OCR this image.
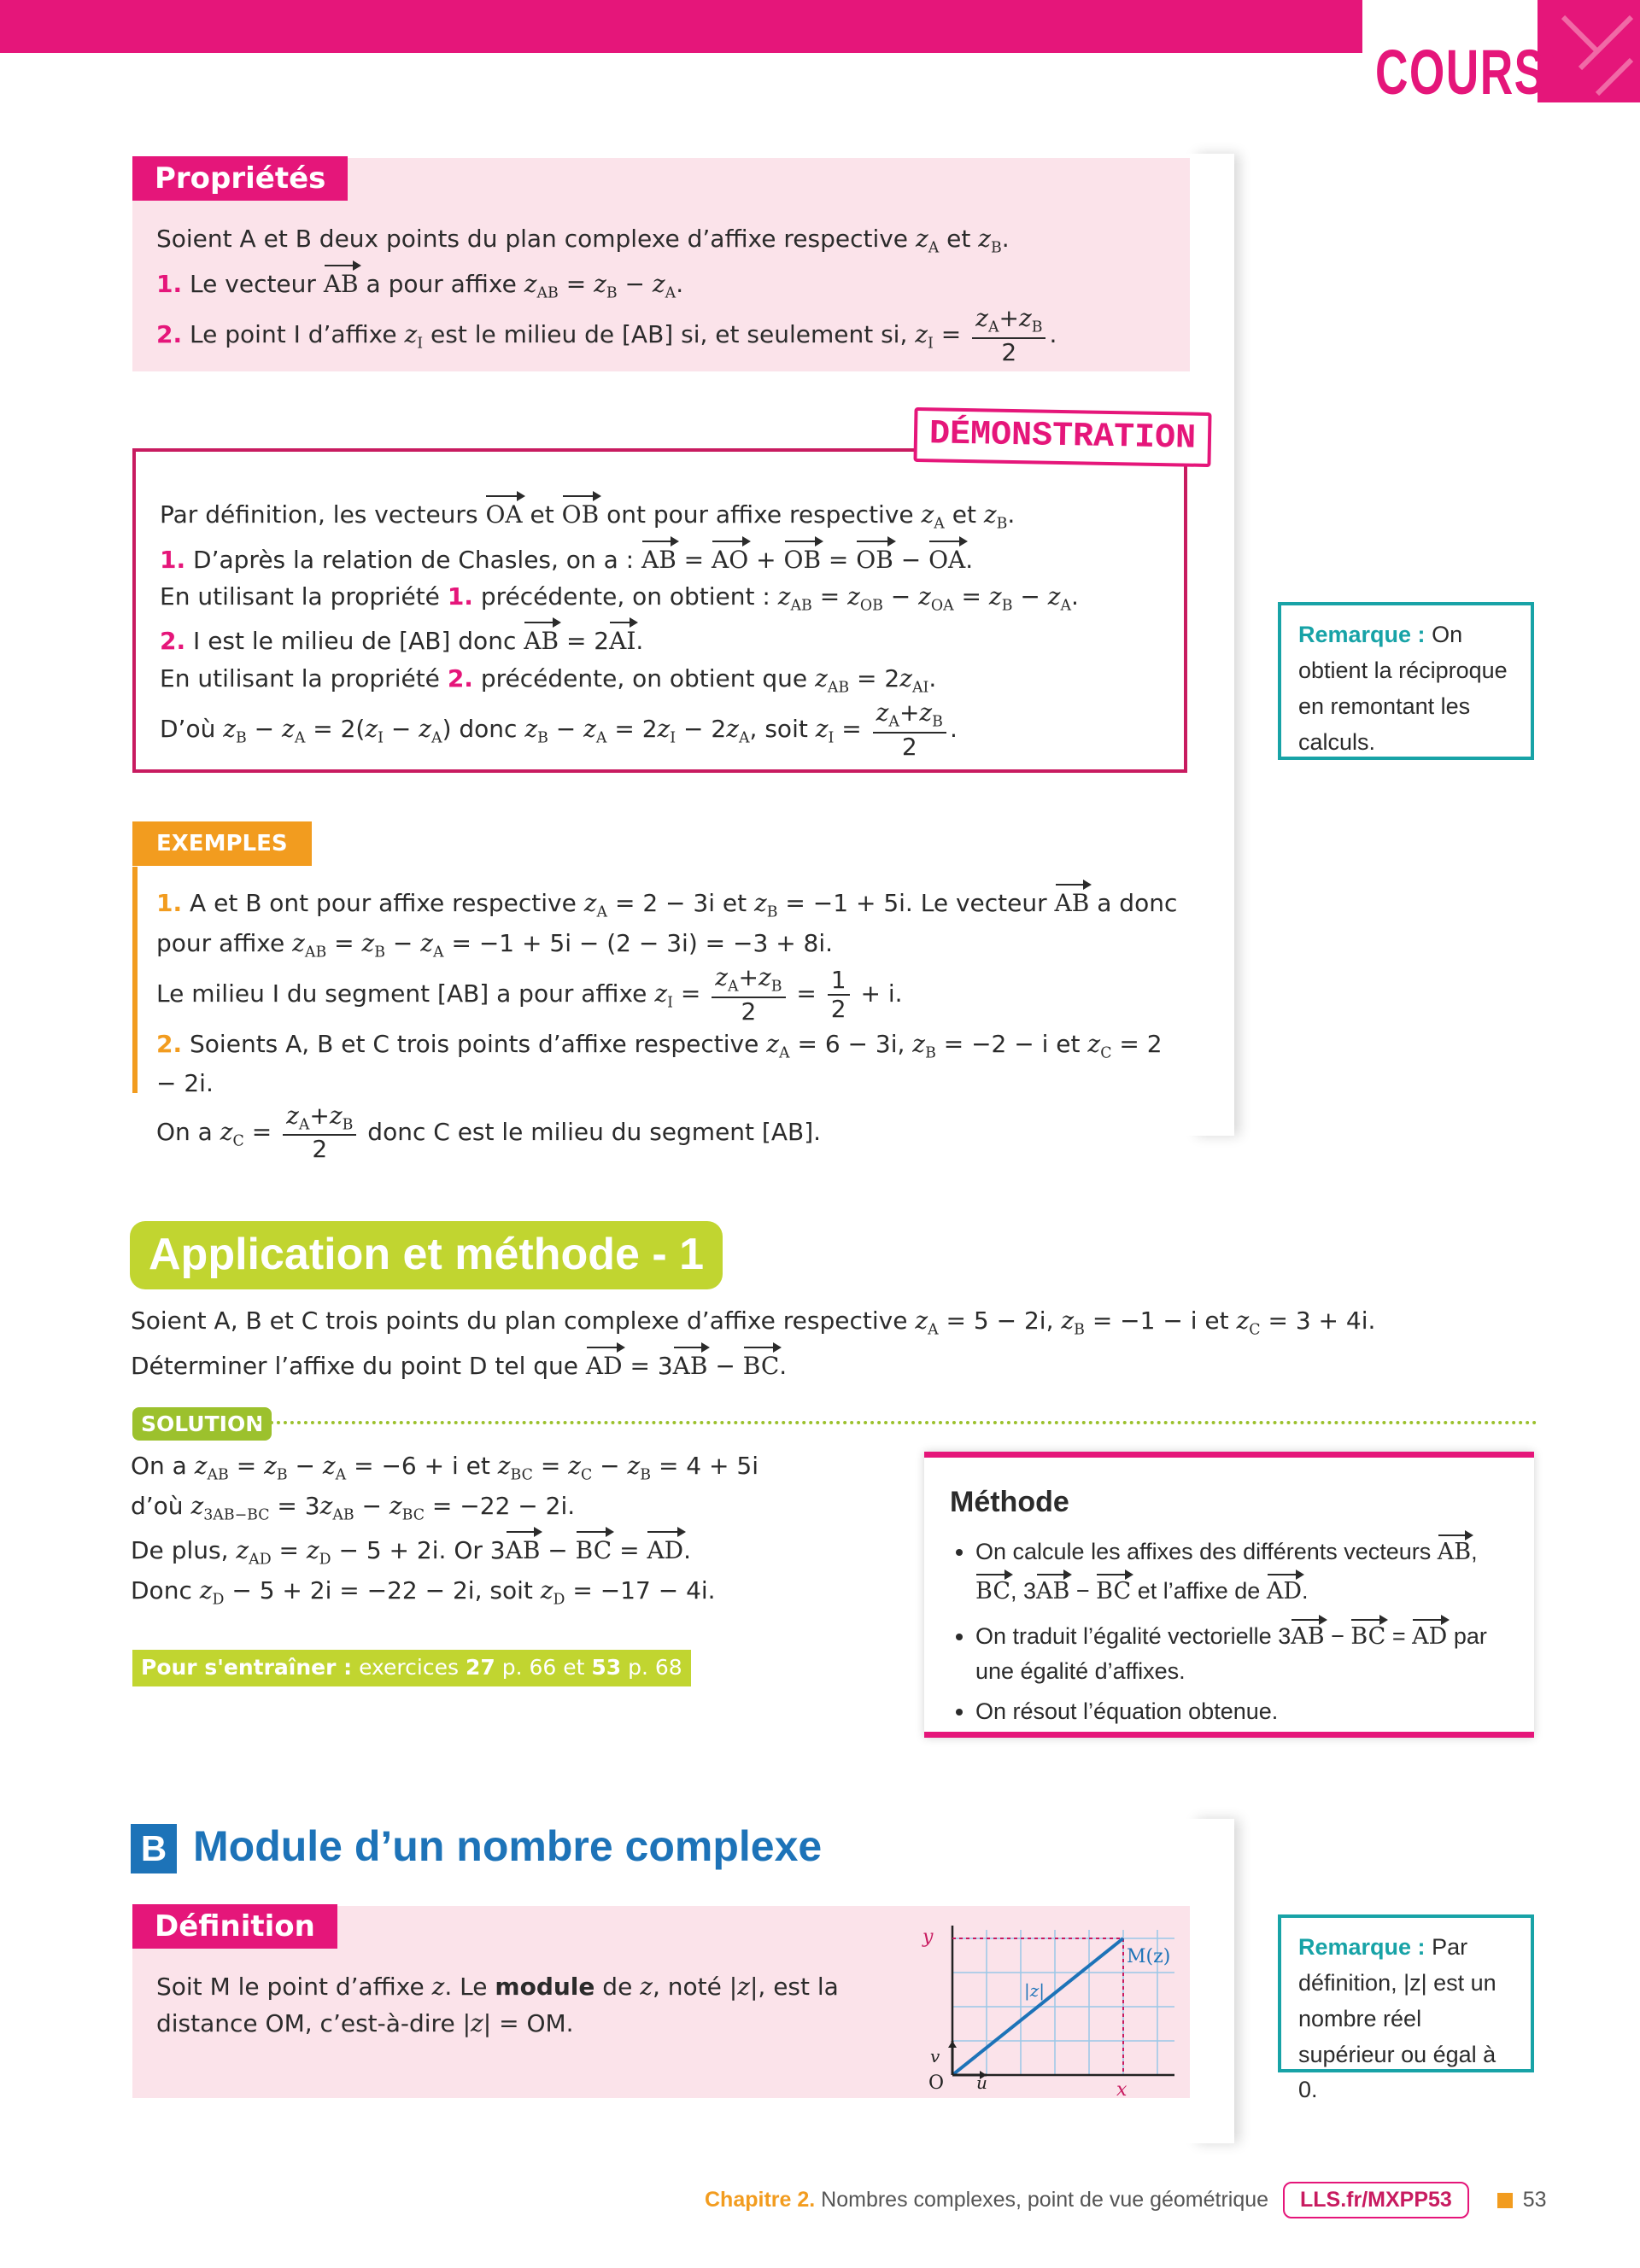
COURS
Propriétés
Soient A et B deux points du plan complexe d’affixe respective $z_A$ et $z_B$.
1. Le vecteur AB a pour affixe $z_{AB} = z_B - z_A$.
2. Le point I d’affixe $z_I$ est le milieu de [AB] si, et seulement si, $z_I = \frac{z_A+z_B}{2}$ .
DÉMONSTRATION
Par définition, les vecteurs OA et OB ont pour affixe respective $z_A$ et $z_B$.
1. D’après la relation de Chasles, on a : AB = AO + OB = OB − OA.
En utilisant la propriété 1. précédente, on obtient : $z_{AB} = z_{OB} - z_{OA} = z_B - z_A$.
2. I est le milieu de [AB] donc AB = 2AI.
En utilisant la propriété 2. précédente, on obtient que $z_{AB} = 2z_{AI}$.
D’où $z_B - z_A = 2(z_I - z_A)$ donc $z_B - z_A = 2z_I - 2z_A$, soit $z_I = \frac{z_A+z_B}{2}$ .
Remarque : On obtient la réciproque en remontant les calculs.
EXEMPLES
1. A et B ont pour affixe respective $z_A = 2 - 3i$ et $z_B = -1 + 5i$. Le vecteur AB a donc
pour affixe $z_{AB} = z_B - z_A = -1 + 5i - (2 - 3i) = -3 + 8i$.
Le milieu I du segment [AB] a pour affixe $z_I = \frac{z_A+z_B}{2} = \frac{1}{2} + i$.
2. Soients A, B et C trois points d’affixe respective $z_A = 6 - 3i$, $z_B = -2 - i$ et $z_C = 2 - 2i$.
On a $z_C = \frac{z_A+z_B}{2}$ donc C est le milieu du segment [AB].
Application et méthode - 1
Soient A, B et C trois points du plan complexe d’affixe respective $z_A = 5 - 2i$, $z_B = -1 - i$ et $z_C = 3 + 4i$.
Déterminer l’affixe du point D tel que AD = 3AB − BC.
SOLUTION
On a $z_{AB} = z_B - z_A = -6 + i$ et $z_{BC} = z_C - z_B = 4 + 5i$
d’où $z_{3AB-BC} = 3z_{AB} - z_{BC} = -22 - 2i$.
De plus, $z_{AD} = z_D - 5 + 2i$. Or 3AB − BC = AD.
Donc $z_D - 5 + 2i = -22 - 2i$, soit $z_D = -17 - 4i$.
Pour s'entraîner : exercices 27 p. 66 et 53 p. 68
Méthode
• On calcule les affixes des différents vecteurs AB, BC, 3AB − BC et l’affixe de AD.
• On traduit l’égalité vectorielle 3AB − BC = AD par une égalité d’affixes.
• On résout l’équation obtenue.
B Module d’un nombre complexe
Définition
Soit M le point d’affixe z. Le module de z, noté |z|, est la
distance OM, c’est-à-dire |z| = OM.
y
x
O
M(z)
|z|
u
v
Remarque : Par définition, |z| est un nombre réel supérieur ou égal à 0.
Chapitre 2. Nombres complexes, point de vue géométrique LLS.fr/MXPP53	53
